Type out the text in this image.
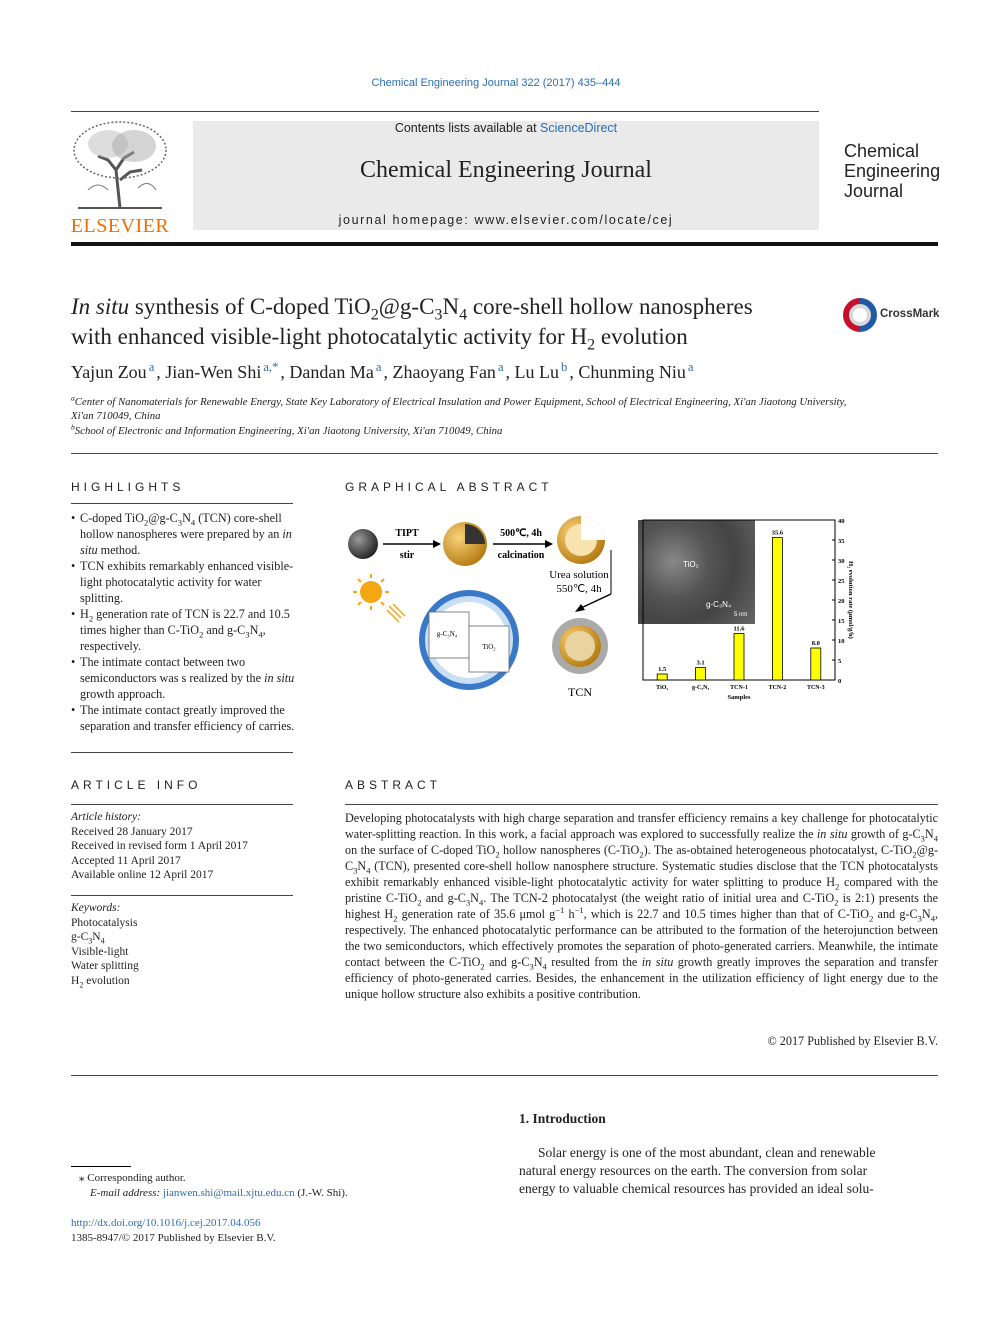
Chemical Engineering Journal 322 (2017) 435–444
ELSEVIER
Contents lists available at ScienceDirect
Chemical Engineering Journal
journal homepage: www.elsevier.com/locate/cej
Chemical
Engineering
Journal
In situ synthesis of C-doped $TiO_2@g-C_3N_4$ core-shell hollow nanospheres
with enhanced visible-light photocatalytic activity for $H_2$ evolution
CrossMark
Yajun Zou $^a$ , Jian-Wen Shi $^{a,*}$ , Dandan Ma $^a$ , Zhaoyang Fan $^a$ , Lu Lu $^b$ , Chunming Niu $^a$
$^a$Center of Nanomaterials for Renewable Energy, State Key Laboratory of Electrical Insulation and Power Equipment, School of Electrical Engineering, Xi'an Jiaotong University,
Xi'an 710049, China
$^b$School of Electronic and Information Engineering, Xi'an Jiaotong University, Xi'an 710049, China
HIGHLIGHTS
• C-doped $TiO_2@g-C_3N_4$ (TCN) core-shell hollow nanospheres were prepared by an in situ method.
• TCN exhibits remarkably enhanced visible-light photocatalytic activity for water splitting.
• $H_2$ generation rate of TCN is 22.7 and 10.5 times higher than C-TiO$_2$ and $g-C_3N_4$, respectively.
• The intimate contact between two semiconductors was s realized by the in situ growth approach.
• The intimate contact greatly improved the separation and transfer efficiency of carries.
GRAPHICAL ABSTRACT
TIPT
stir
500℃, 4h
calcination
Urea solution
550℃, 4h
TCN
g-C₃N₄
TiO₂
TiO₂
g-C₃N₄
5 nm
0
5
10
15
20
25
30
35
40
1.5
TiO₂
3.1
g-C₃N₄
11.6
TCN-1
35.6
TCN-2
8.0
TCN-3
Samples
H₂ evolution rate (μmol/g/h)
ARTICLE INFO
Article history:
Received 28 January 2017
Received in revised form 1 April 2017
Accepted 11 April 2017
Available online 12 April 2017
Keywords:
Photocatalysis
$g-C_3N_4$
Visible-light
Water splitting
$H_2$ evolution
ABSTRACT
Developing photocatalysts with high charge separation and transfer efficiency remains a key challenge for photocatalytic water-splitting reaction. In this work, a facial approach was explored to successfully realize the in situ growth of $g-C_3N_4$ on the surface of C-doped TiO$_2$ hollow nanospheres (C-TiO$_2$). The as-obtained heterogeneous photocatalyst, $C-TiO_2@g-C_3N_4$ (TCN), presented core-shell hollow nanosphere structure. Systematic studies disclose that the TCN photocatalysts exhibit remarkably enhanced visible-light photocatalytic activity for water splitting to produce $H_2$ compared with the pristine C-TiO$_2$ and $g-C_3N_4$. The TCN-2 photocatalyst (the weight ratio of initial urea and C-TiO$_2$ is 2:1) presents the highest $H_2$ generation rate of 35.6 μmol $g^{-1}$ $h^{-1}$, which is 22.7 and 10.5 times higher than that of C-TiO$_2$ and $g-C_3N_4$, respectively. The enhanced photocatalytic performance can be attributed to the formation of the heterojunction between the two semiconductors, which effectively promotes the separation of photo-generated carriers. Meanwhile, the intimate contact between the C-TiO$_2$ and $g-C_3N_4$ resulted from the in situ growth greatly improves the separation and transfer efficiency of photo-generated carries. Besides, the enhancement in the utilization efficiency of light energy due to the unique hollow structure also exhibits a positive contribution.
© 2017 Published by Elsevier B.V.
1. Introduction
Solar energy is one of the most abundant, clean and renewable
natural energy resources on the earth. The conversion from solar
energy to valuable chemical resources has provided an ideal solu-
⁎ Corresponding author.
E-mail address: jianwen.shi@mail.xjtu.edu.cn (J.-W. Shi).
http://dx.doi.org/10.1016/j.cej.2017.04.056
1385-8947/© 2017 Published by Elsevier B.V.
